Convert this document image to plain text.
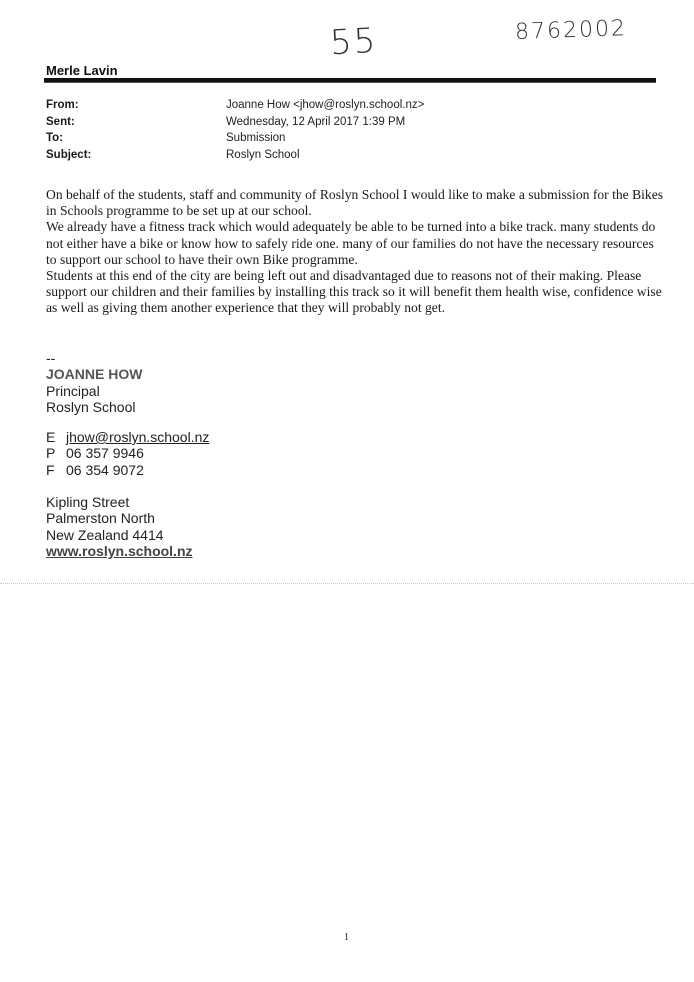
55	8762002
Merle Lavin
From:	Joanne How <jhow@roslyn.school.nz>
Sent:	Wednesday, 12 April 2017 1:39 PM
To:	Submission
Subject:	Roslyn School

On behalf of the students, staff and community of Roslyn School I would like to make a submission for the Bikes in Schools programme to be set up at our school.

We already have a fitness track which would adequately be able to be turned into a bike track. many students do not either have a bike or know how to safely ride one. many of our families do not have the necessary resources to support our school to have their own Bike programme.

Students at this end of the city are being left out and disadvantaged due to reasons not of their making. Please support our children and their families by installing this track so it will benefit them health wise, confidence wise as well as giving them another experience that they will probably not get.

--
JOANNE HOW
Principal
Roslyn School
E jhow@roslyn.school.nz
P 06 357 9946
F 06 354 9072
Kipling Street
Palmerston North
New Zealand 4414
www.roslyn.school.nz
1
